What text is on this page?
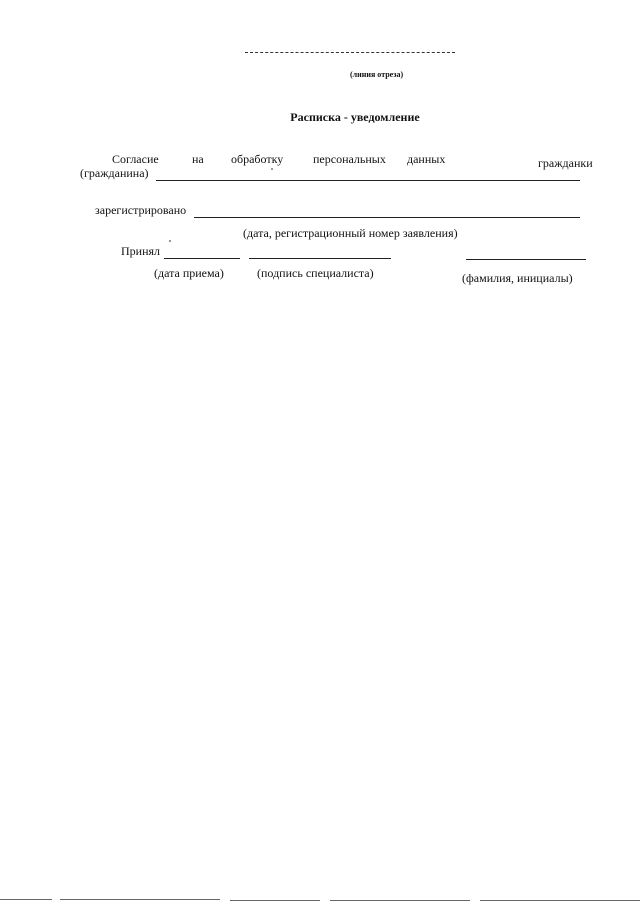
(линия отреза)
Расписка - уведомление
Согласие	на обработку персональных данных	гражданки
(гражданина)
зарегистрировано
(дата, регистрационный номер заявления)
Принял
(дата приема)	(подпись специалиста)	(фамилия, инициалы)
